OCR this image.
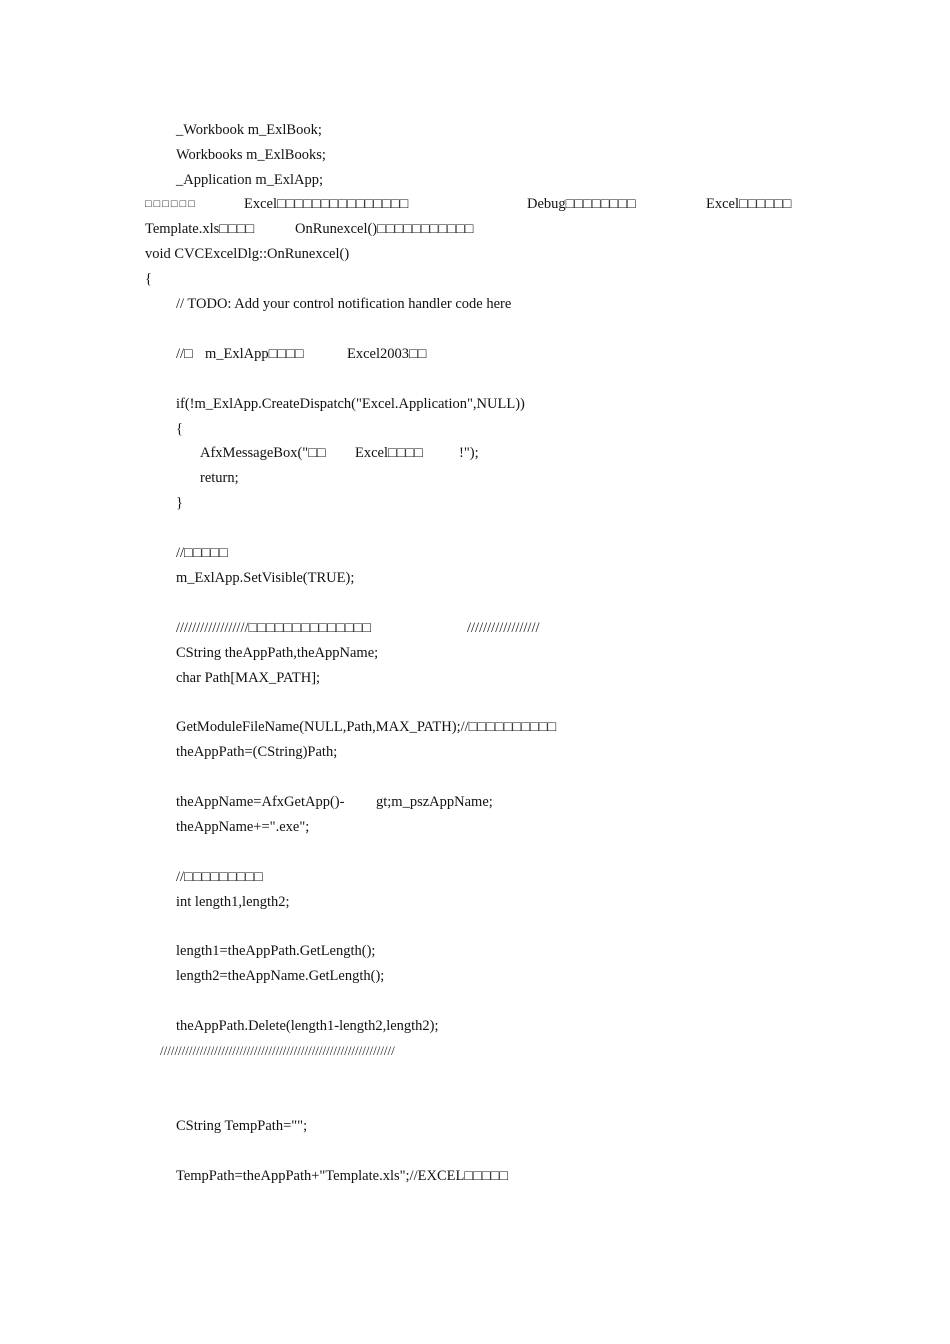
_Workbook m_ExlBook;
Workbooks m_ExlBooks;
_Application m_ExlApp;

□□□□□□

	Excel□□□□□□□□□□□□□□□

	Debug□□□□□□□□

	Excel□□□□□□

Template.xls□□□□

	OnRunexcel()□□□□□□□□□□□

void CVCExcelDlg::OnRunexcel()
{
// TODO: Add your control notification handler code here

//□

m_ExlApp□□□□

	Excel2003□□

if(!m_ExlApp.CreateDispatch("Excel.Application",NULL))
{

AfxMessageBox("□□

Excel□□□□

!");

return;
}
//□□□□□
m_ExlApp.SetVisible(TRUE);

//////////////////□□□□□□□□□□□□□□

	//////////////////

CString theAppPath,theAppName;
char Path[MAX_PATH];
GetModuleFileName(NULL,Path,MAX_PATH);//□□□□□□□□□□
theAppPath=(CString)Path;

theAppName=AfxGetApp()-

gt;m_pszAppName;

theAppName+=".exe";
//□□□□□□□□□
int length1,length2;
length1=theAppPath.GetLength();
length2=theAppName.GetLength();
theAppPath.Delete(length1-length2,length2);
/////////////////////////////////////////////////////////////////
CString TempPath="";
TempPath=theAppPath+"Template.xls";//EXCEL□□□□□
